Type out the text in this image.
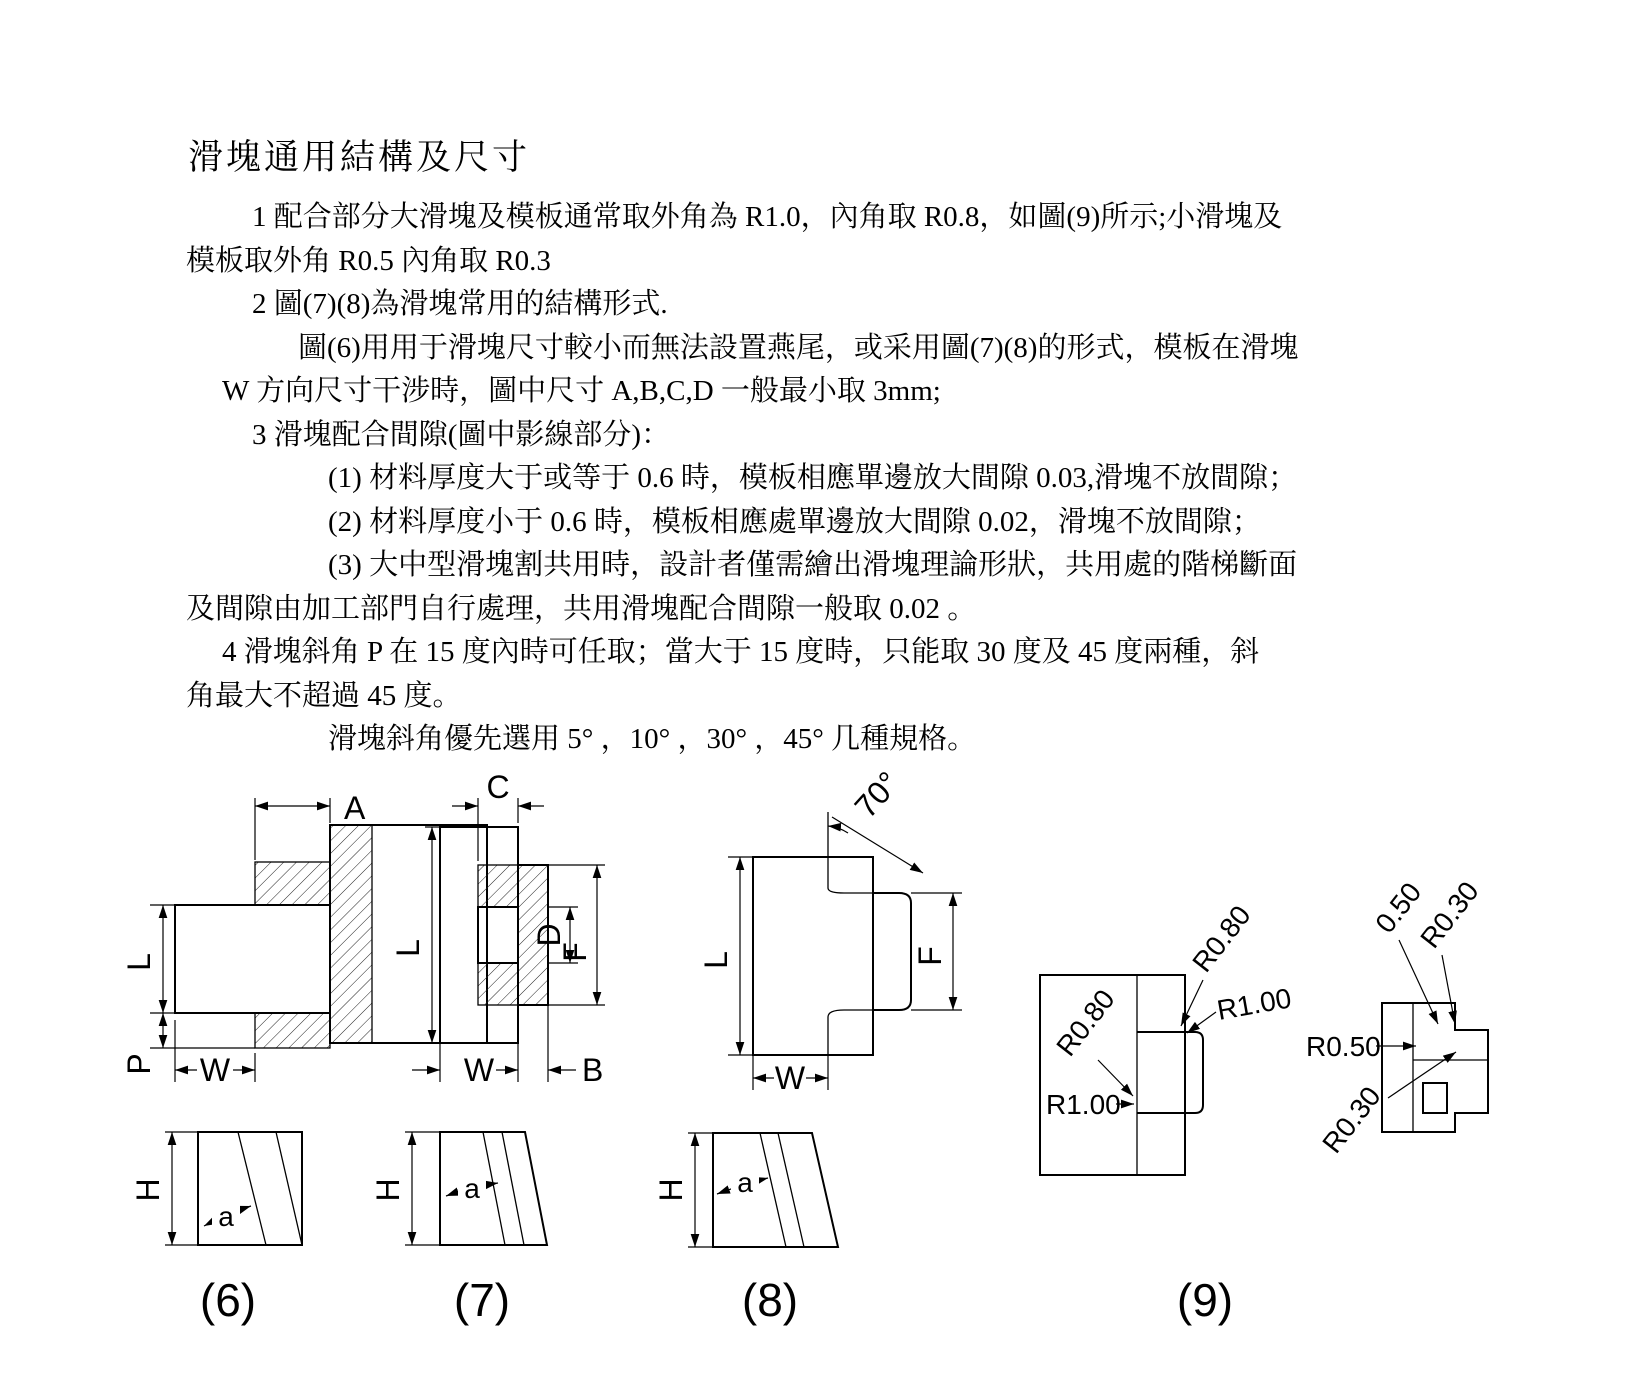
滑塊通用結構及尺寸
1 配合部分大滑塊及模板通常取外角為 R1.0，內角取 R0.8，如圖(9)所示;小滑塊及
模板取外角 R0.5 內角取 R0.3
2 圖(7)(8)為滑塊常用的結構形式.
圖(6)用用于滑塊尺寸較小而無法設置燕尾，或采用圖(7)(8)的形式，模板在滑塊
W 方向尺寸干涉時，圖中尺寸 A,B,C,D 一般最小取 3mm;
3 滑塊配合間隙(圖中影線部分)：
(1) 材料厚度大于或等于 0.6 時，模板相應單邊放大間隙 0.03,滑塊不放間隙；
(2) 材料厚度小于 0.6 時，模板相應處單邊放大間隙 0.02，滑塊不放間隙；
(3) 大中型滑塊割共用時，設計者僅需繪出滑塊理論形狀，共用處的階梯斷面
及間隙由加工部門自行處理，共用滑塊配合間隙一般取 0.02 。
4 滑塊斜角 P 在 15 度內時可任取；當大于 15 度時，只能取 30 度及 45 度兩種，斜
角最大不超過 45 度。
滑塊斜角優先選用 5° ，10° ，30° ，45° 几種規格。
A
L
P W
H
a
(6)
C
L
D
F
W	B
H a
(7)
70°
L	F
W
H a
(8)
R0.80
R1.00
R0.80
R1.00
0.50
R0.30
R0.50
R0.30
(9)
